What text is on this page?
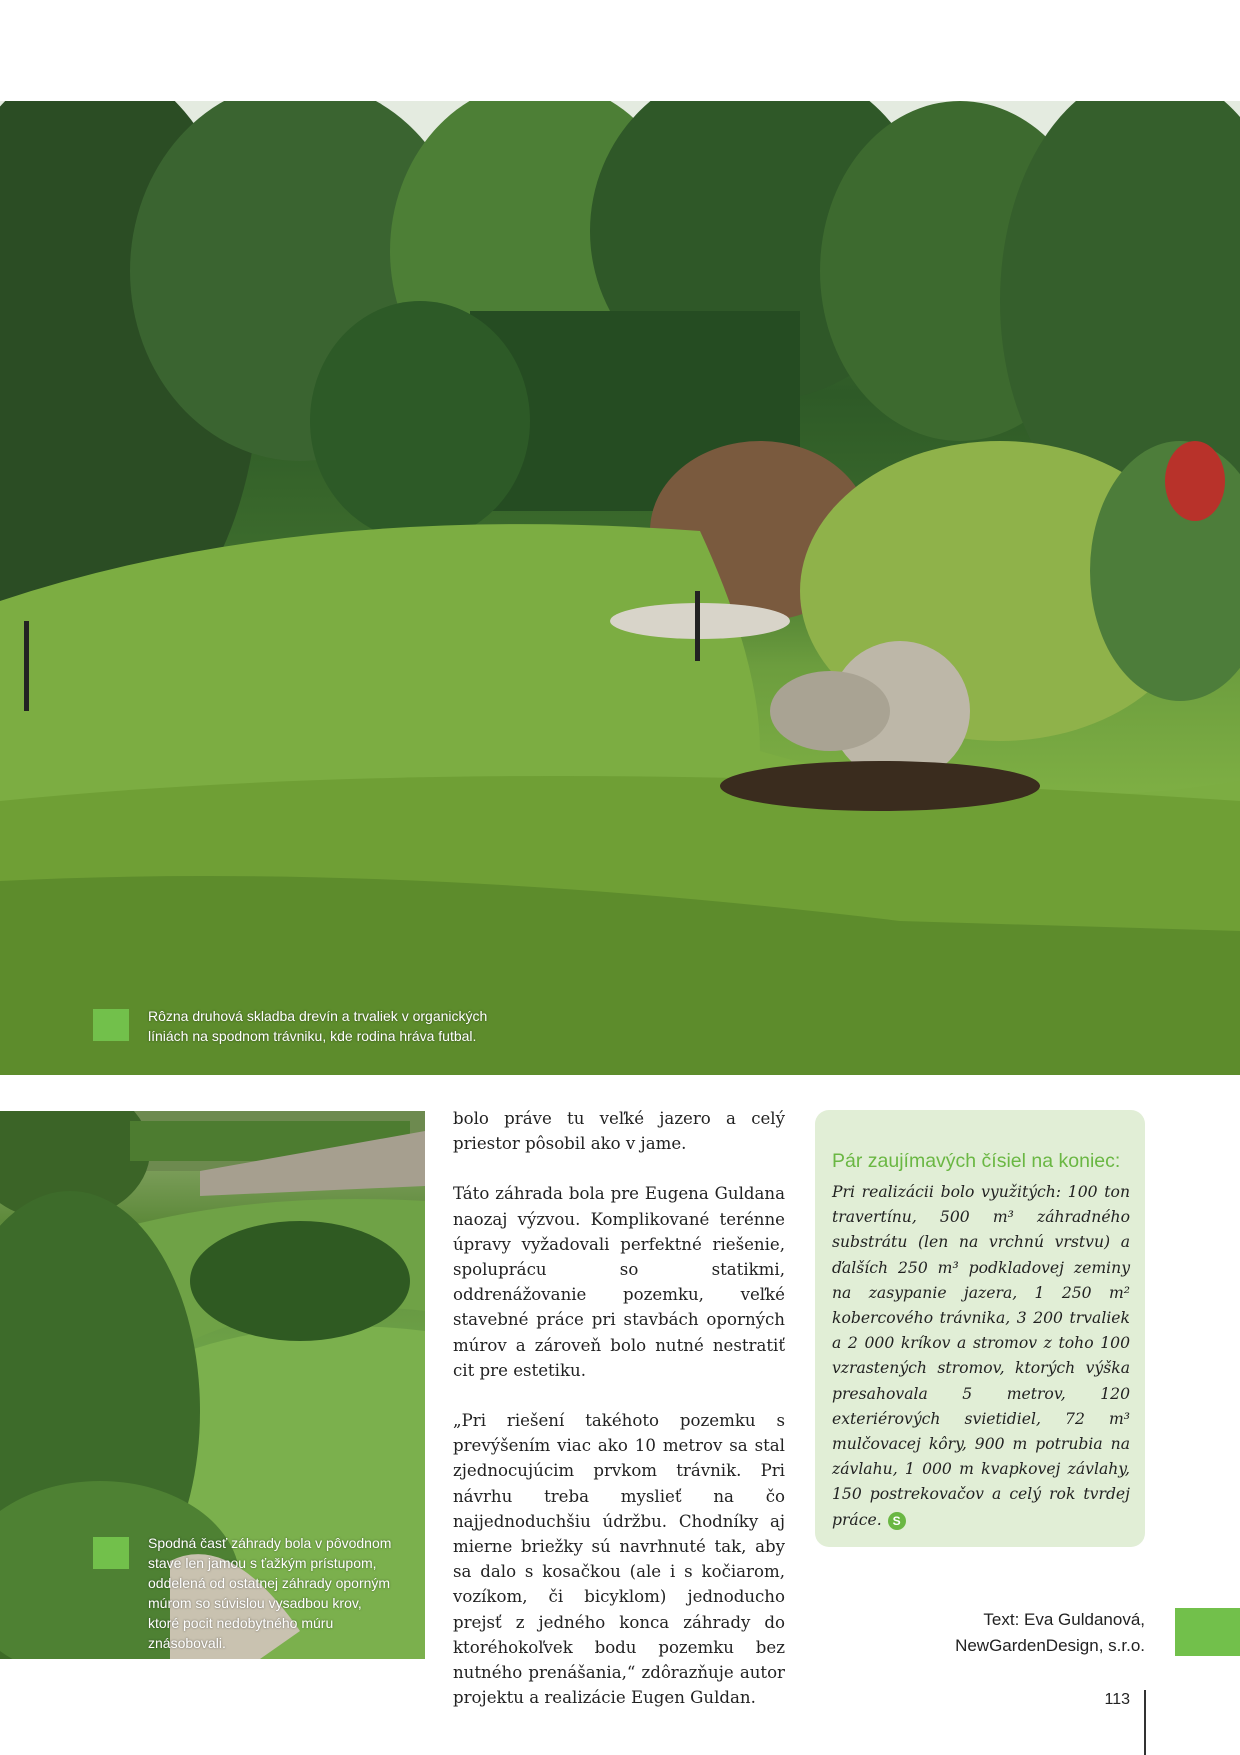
Rôzna druhová skladba drevín a trvaliek v organických líniách na spodnom trávniku, kde rodina hráva futbal.
Spodná časť záhrady bola v pôvodnom stave len jamou s ťažkým prístupom, oddelená od ostatnej záhrady oporným múrom so súvislou vysadbou krov, ktoré pocit nedobytného múru znásobovali.

bolo práve tu veľké jazero a celý priestor pôsobil ako v jame.

Táto záhrada bola pre Eugena Guldana naozaj výzvou. Komplikované terénne úpravy vyžadovali perfektné riešenie, spoluprácu so statikmi, oddrenážovanie pozemku, veľké stavebné práce pri stavbách oporných múrov a zároveň bolo nutné nestratiť cit pre estetiku.

„Pri riešení takéhoto pozemku s prevýšením viac ako 10 metrov sa stal zjednocujúcim prvkom trávnik. Pri návrhu treba myslieť na čo najjednoduchšiu údržbu. Chodníky aj mierne briežky sú navrhnuté tak, aby sa dalo s kosačkou (ale i s kočiarom, vozíkom, či bicyklom) jednoducho prejsť z jedného konca záhrady do ktoréhokoľvek bodu pozemku bez nutného prenášania,“ zdôrazňuje autor projektu a realizácie Eugen Guldan.

Pár zaujímavých čísiel na koniec:
Pri realizácii bolo využitých: 100 ton travertínu, 500 m³ záhradného substrátu (len na vrchnú vrstvu) a ďalších 250 m³ podkladovej zeminy na zasypanie jazera, 1 250 m² kobercového trávnika, 3 200 trvaliek a 2 000 kríkov a stromov z toho 100 vzrastených stromov, ktorých výška presahovala 5 metrov, 120 exteriérových svietidiel, 72 m³ mulčovacej kôry, 900 m potrubia na závlahu, 1 000 m kvapkovej závlahy, 150 postrekovačov a celý rok tvrdej práce. S
Text: Eva Guldanová,
NewGardenDesign, s.r.o.
113
